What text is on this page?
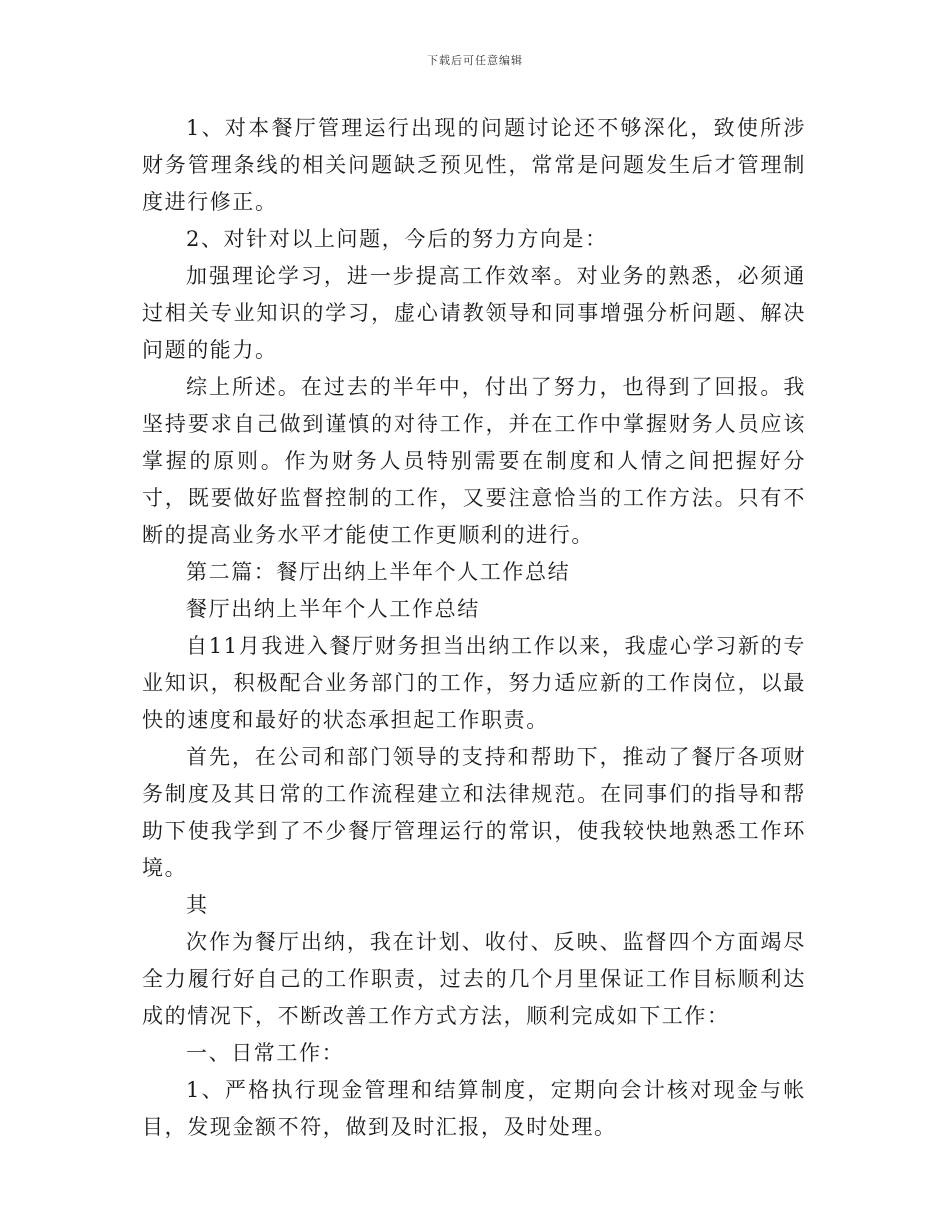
下载后可任意编辑

1、对本餐厅管理运行出现的问题讨论还不够深化，致使所涉财务管理条线的相关问题缺乏预见性，常常是问题发生后才管理制度进行修正。

2、对针对以上问题，今后的努力方向是：

加强理论学习，进一步提高工作效率。对业务的熟悉，必须通过相关专业知识的学习，虚心请教领导和同事增强分析问题、解决问题的能力。

综上所述。在过去的半年中，付出了努力，也得到了回报。我坚持要求自己做到谨慎的对待工作，并在工作中掌握财务人员应该掌握的原则。作为财务人员特别需要在制度和人情之间把握好分寸，既要做好监督控制的工作，又要注意恰当的工作方法。只有不断的提高业务水平才能使工作更顺利的进行。

第二篇：餐厅出纳上半年个人工作总结

餐厅出纳上半年个人工作总结

自11月我进入餐厅财务担当出纳工作以来，我虚心学习新的专业知识，积极配合业务部门的工作，努力适应新的工作岗位，以最快的速度和最好的状态承担起工作职责。

首先，在公司和部门领导的支持和帮助下，推动了餐厅各项财务制度及其日常的工作流程建立和法律规范。在同事们的指导和帮助下使我学到了不少餐厅管理运行的常识，使我较快地熟悉工作环境。

其

次作为餐厅出纳，我在计划、收付、反映、监督四个方面竭尽全力履行好自己的工作职责，过去的几个月里保证工作目标顺利达成的情况下，不断改善工作方式方法，顺利完成如下工作：

一、日常工作：

1、严格执行现金管理和结算制度，定期向会计核对现金与帐目，发现金额不符，做到及时汇报，及时处理。
